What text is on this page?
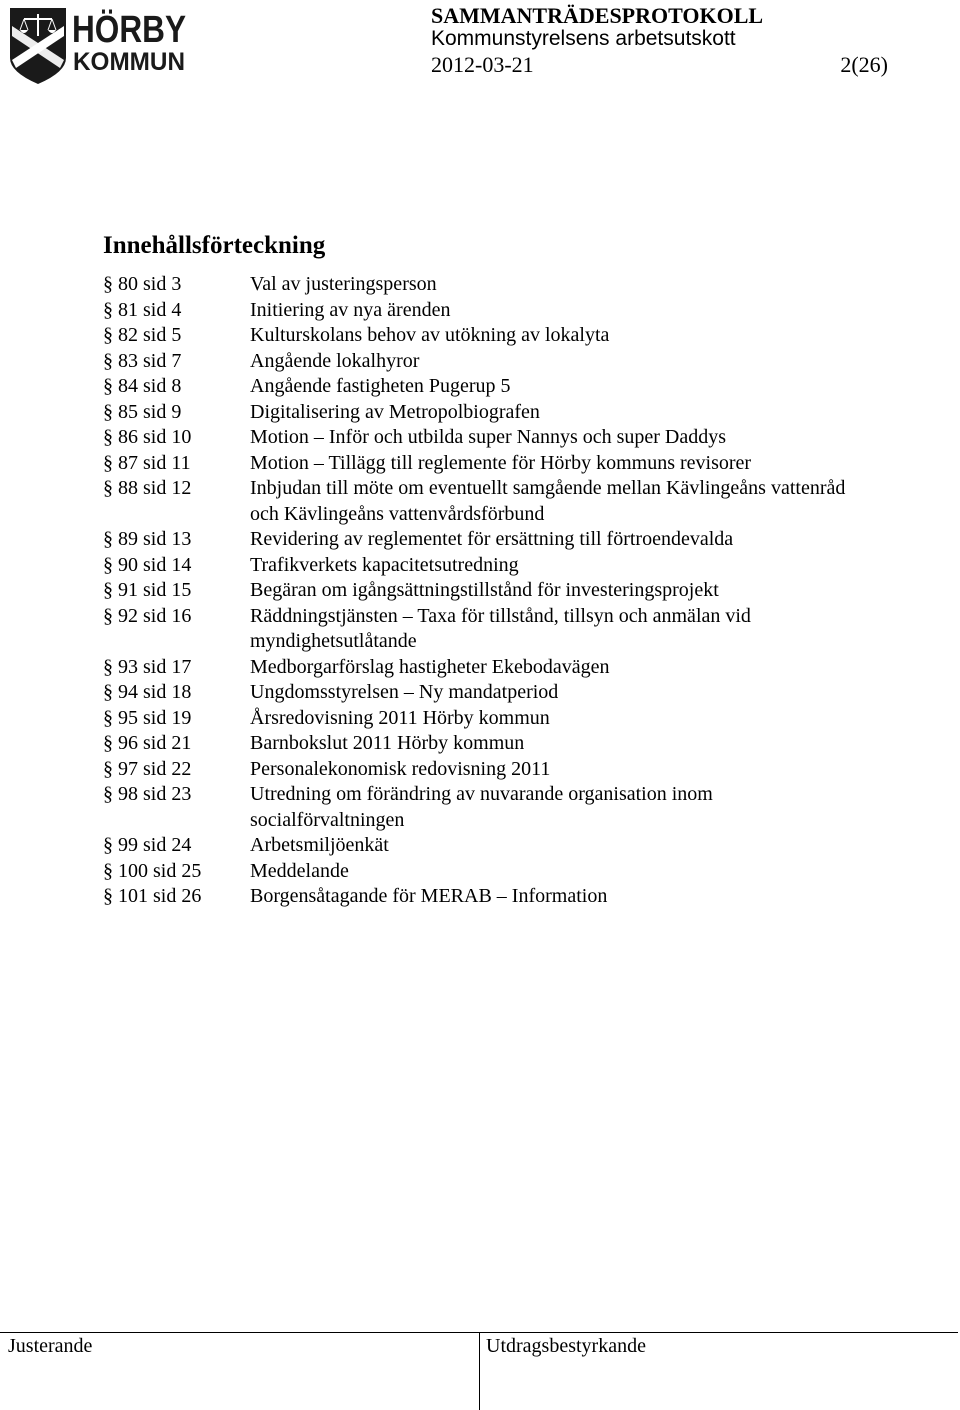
HÖRBY
KOMMUN
SAMMANTRÄDESPROTOKOLL
Kommunstyrelsens arbetsutskott
2012-03-21	2(26)
Innehållsförteckning
§ 80 sid 3	Val av justeringsperson
§ 81 sid 4	Initiering av nya ärenden
§ 82 sid 5	Kulturskolans behov av utökning av lokalyta
§ 83 sid 7	Angående lokalhyror
§ 84 sid 8	Angående fastigheten Pugerup 5
§ 85 sid 9	Digitalisering av Metropolbiografen
§ 86 sid 10	Motion – Inför och utbilda super Nannys och super Daddys
§ 87 sid 11	Motion – Tillägg till reglemente för Hörby kommuns revisorer
§ 88 sid 12	Inbjudan till möte om eventuellt samgående mellan Kävlingeåns vattenråd och Kävlingeåns vattenvårdsförbund
§ 89 sid 13	Revidering av reglementet för ersättning till förtroendevalda
§ 90 sid 14	Trafikverkets kapacitetsutredning
§ 91 sid 15	Begäran om igångsättningstillstånd för investeringsprojekt
§ 92 sid 16	Räddningstjänsten – Taxa för tillstånd, tillsyn och anmälan vid myndighetsutlåtande
§ 93 sid 17	Medborgarförslag hastigheter Ekebodavägen
§ 94 sid 18	Ungdomsstyrelsen – Ny mandatperiod
§ 95 sid 19	Årsredovisning 2011 Hörby kommun
§ 96 sid 21	Barnbokslut 2011 Hörby kommun
§ 97 sid 22	Personalekonomisk redovisning 2011
§ 98 sid 23	Utredning om förändring av nuvarande organisation inom socialförvaltningen
§ 99 sid 24	Arbetsmiljöenkät
§ 100 sid 25	Meddelande
§ 101 sid 26	Borgensåtagande för MERAB – Information
Justerande	Utdragsbestyrkande
